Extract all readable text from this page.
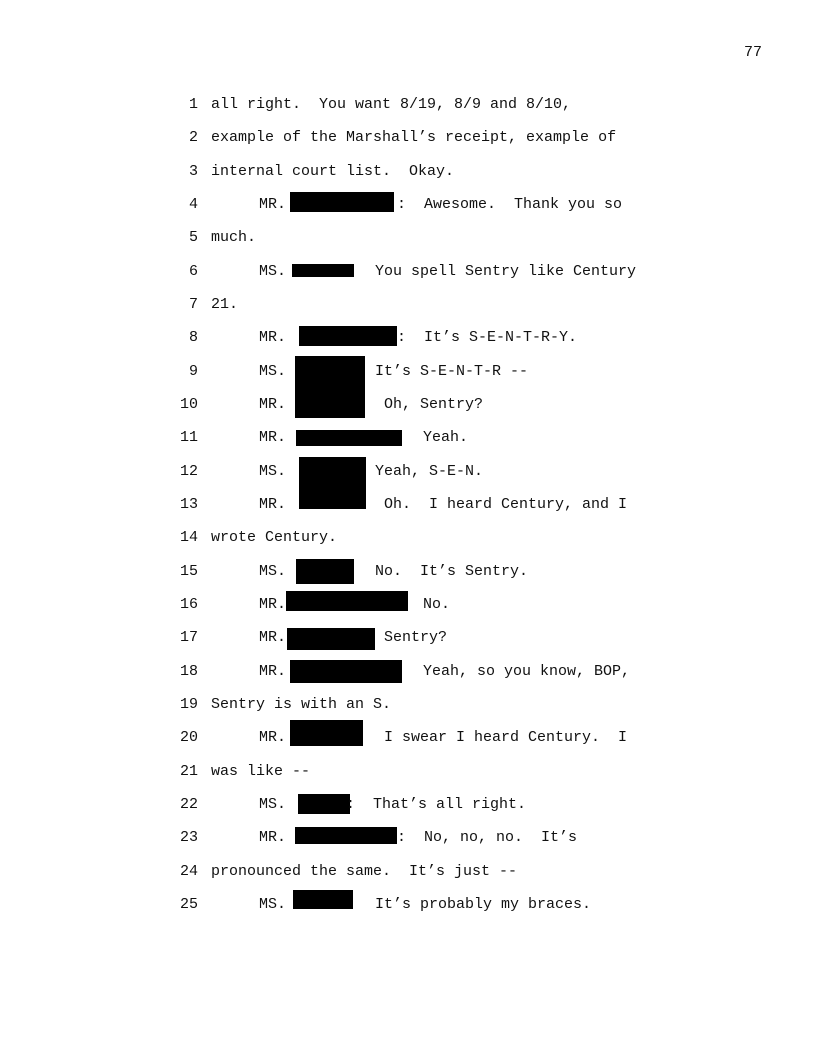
77
1 all right.  You want 8/19, 8/9 and 8/10,
2 example of the Marshall’s receipt, example of
3 internal court list.  Okay.
4	MR.	:  Awesome.  Thank you so
5 much.
6	MS.	You spell Sentry like Century
7 21.
8	MR.	:  It’s S-E-N-T-R-Y.
9	MS.	It’s S-E-N-T-R --
10	MR.	Oh, Sentry?
11	MR.	Yeah.
12	MS.	Yeah, S-E-N.
13	MR.	Oh.  I heard Century, and I
14 wrote Century.
15	MS.	No.  It’s Sentry.
16	MR.	No.
17	MR.	Sentry?
18	MR.	Yeah, so you know, BOP,
19 Sentry is with an S.
20	MR.	I swear I heard Century.  I
21 was like --
22	MS.	:  That’s all right.
23	MR.	:  No, no, no.  It’s
24 pronounced the same.  It’s just --
25	MS.	It’s probably my braces.
